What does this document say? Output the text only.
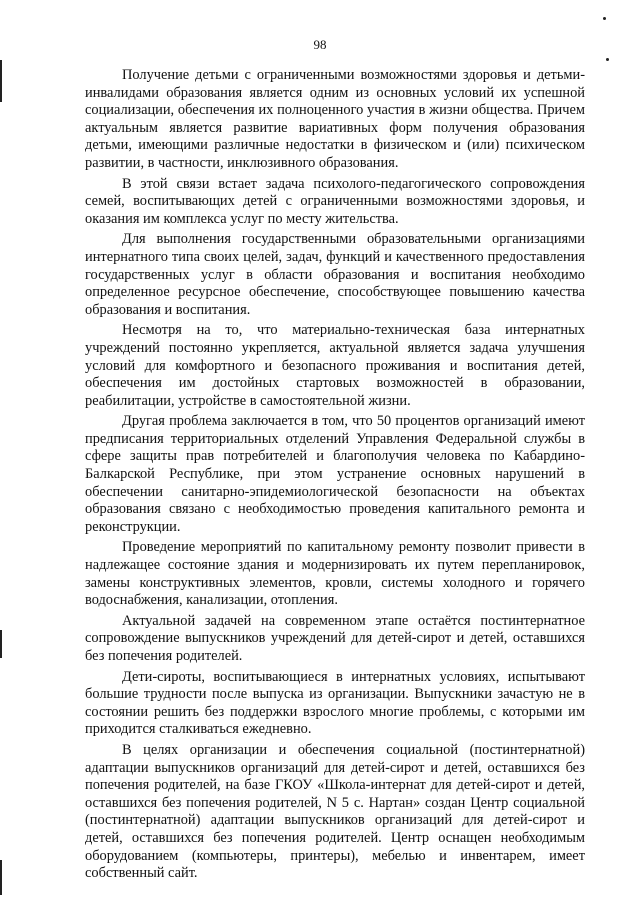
98

Получение детьми с ограниченными возможностями здоровья и детьми-инвалидами образования является одним из основных условий их успешной социализации, обеспечения их полноценного участия в жизни общества. Причем актуальным является развитие вариативных форм получения образования детьми, имеющими различные недостатки в физическом и (или) психическом развитии, в частности, инклюзивного образования.

В этой связи встает задача психолого-педагогического сопровождения семей, воспитывающих детей с ограниченными возможностями здоровья, и оказания им комплекса услуг по месту жительства.

Для выполнения государственными образовательными организациями интернатного типа своих целей, задач, функций и качественного предоставления государственных услуг в области образования и воспитания необходимо определенное ресурсное обеспечение, способствующее повышению качества образования и воспитания.

Несмотря на то, что материально-техническая база интернатных учреждений постоянно укрепляется, актуальной является задача улучшения условий для комфортного и безопасного проживания и воспитания детей, обеспечения им достойных стартовых возможностей в образовании, реабилитации, устройстве в самостоятельной жизни.

Другая проблема заключается в том, что 50 процентов организаций имеют предписания территориальных отделений Управления Федеральной службы в сфере защиты прав потребителей и благополучия человека по Кабардино-Балкарской Республике, при этом устранение основных нарушений в обеспечении санитарно-эпидемиологической безопасности на объектах образования связано с необходимостью проведения капитального ремонта и реконструкции.

Проведение мероприятий по капитальному ремонту позволит привести в надлежащее состояние здания и модернизировать их путем перепланировок, замены конструктивных элементов, кровли, системы холодного и горячего водоснабжения, канализации, отопления.

Актуальной задачей на современном этапе остаётся постинтернатное сопровождение выпускников учреждений для детей-сирот и детей, оставшихся без попечения родителей.

Дети-сироты, воспитывающиеся в интернатных условиях, испытывают большие трудности после выпуска из организации. Выпускники зачастую не в состоянии решить без поддержки взрослого многие проблемы, с которыми им приходится сталкиваться ежедневно.

В целях организации и обеспечения социальной (постинтернатной) адаптации выпускников организаций для детей-сирот и детей, оставшихся без попечения родителей, на базе ГКОУ «Школа-интернат для детей-сирот и детей, оставшихся без попечения родителей, N 5 с. Нартан» создан Центр социальной (постинтернатной) адаптации выпускников организаций для детей-сирот и детей, оставшихся без попечения родителей. Центр оснащен необходимым оборудованием (компьютеры, принтеры), мебелью и инвентарем, имеет собственный сайт.
